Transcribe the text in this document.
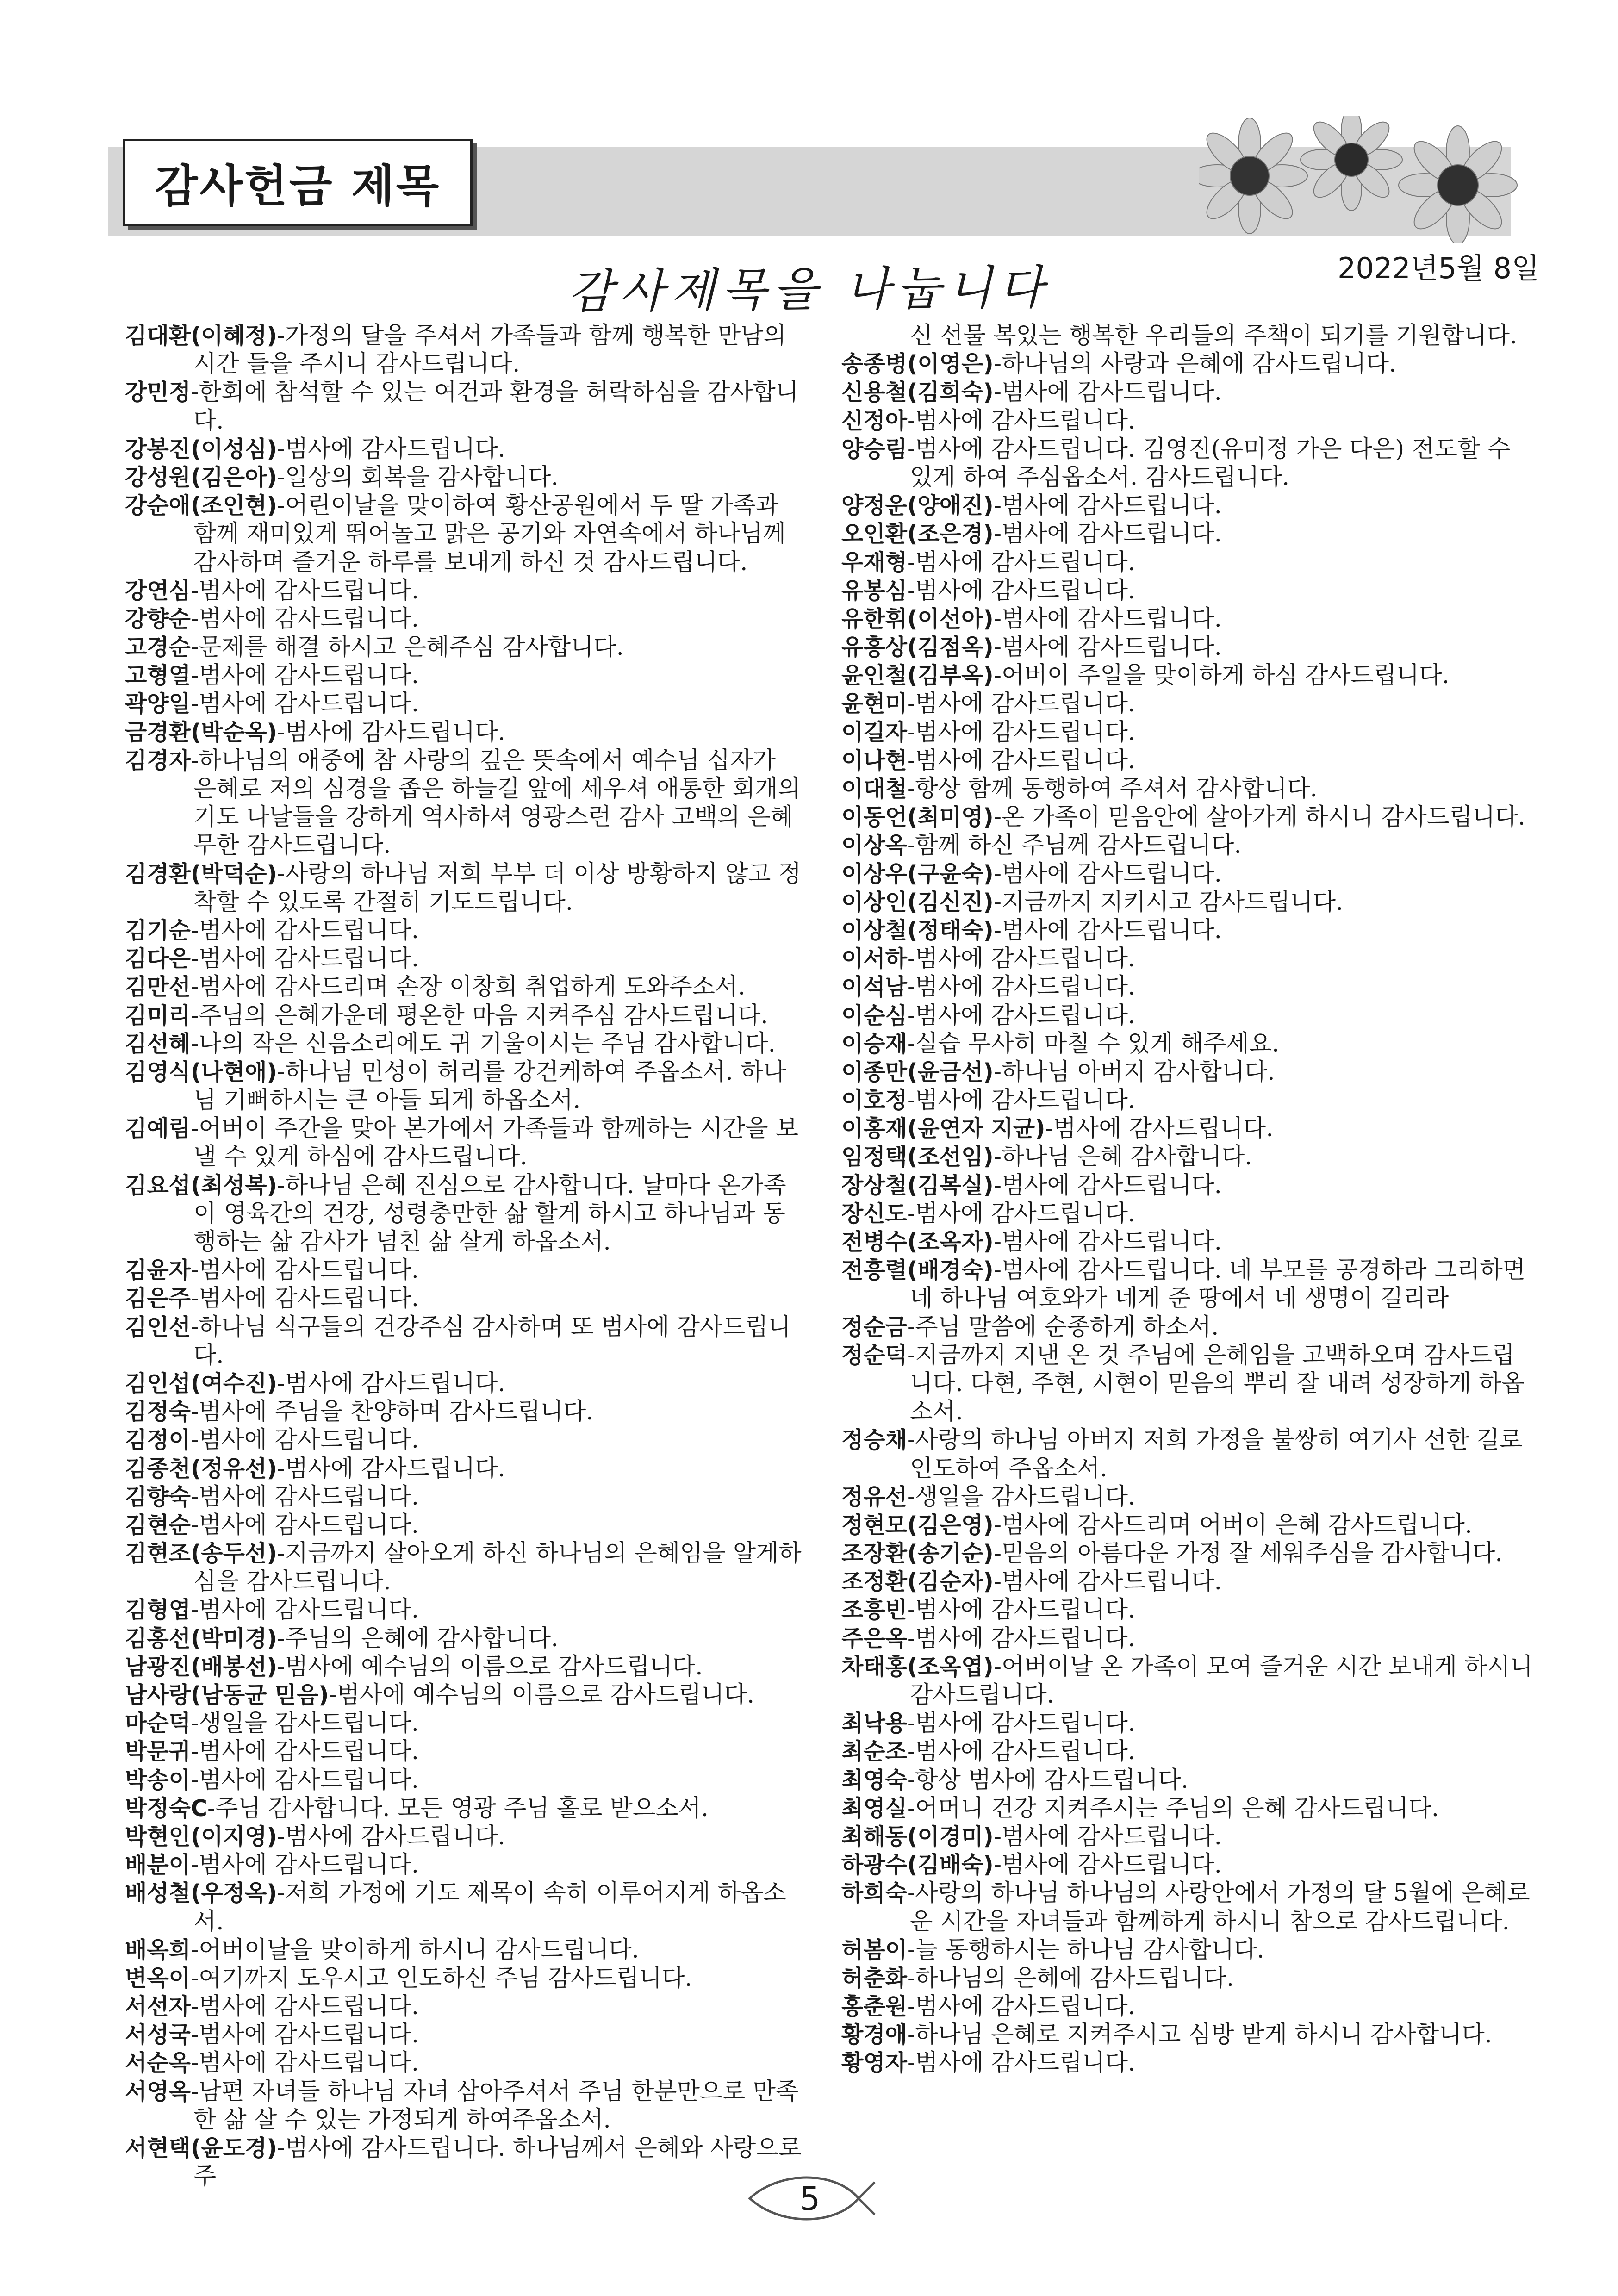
감사헌금 제목
2022년5월 8일
감사제목을 나눕니다

김대환(이혜정)-가정의 달을 주셔서 가족들과 함께 행복한 만남의 시간 들을 주시니 감사드립니다.

강민정-한회에 참석할 수 있는 여건과 환경을 허락하심을 감사합니다.

강봉진(이성심)-범사에 감사드립니다.

강성원(김은아)-일상의 회복을 감사합니다.

강순애(조인현)-어린이날을 맞이하여 황산공원에서 두 딸 가족과 함께 재미있게 뛰어놀고 맑은 공기와 자연속에서 하나님께 감사하며 즐거운 하루를 보내게 하신 것 감사드립니다.

강연심-범사에 감사드립니다.

강향순-범사에 감사드립니다.

고경순-문제를 해결 하시고 은혜주심 감사합니다.

고형열-범사에 감사드립니다.

곽양일-범사에 감사드립니다.

금경환(박순옥)-범사에 감사드립니다.

김경자-하나님의 애중에 참 사랑의 깊은 뜻속에서 예수님 십자가 은혜로 저의 심경을 좁은 하늘길 앞에 세우셔 애통한 회개의 기도 나날들을 강하게 역사하셔 영광스런 감사 고백의 은혜 무한 감사드립니다.

김경환(박덕순)-사랑의 하나님 저희 부부 더 이상 방황하지 않고 정착할 수 있도록 간절히 기도드립니다.

김기순-범사에 감사드립니다.

김다은-범사에 감사드립니다.

김만선-범사에 감사드리며 손장 이창희 취업하게 도와주소서.

김미리-주님의 은혜가운데 평온한 마음 지켜주심 감사드립니다.

김선혜-나의 작은 신음소리에도 귀 기울이시는 주님 감사합니다.

김영식(나현애)-하나님 민성이 허리를 강건케하여 주옵소서. 하나님 기뻐하시는 큰 아들 되게 하옵소서.

김예림-어버이 주간을 맞아 본가에서 가족들과 함께하는 시간을 보낼 수 있게 하심에 감사드립니다.

김요섭(최성복)-하나님 은혜 진심으로 감사합니다. 날마다 온가족이 영육간의 건강, 성령충만한 삶 할게 하시고 하나님과 동행하는 삶 감사가 넘친 삶 살게 하옵소서.

김윤자-범사에 감사드립니다.

김은주-범사에 감사드립니다.

김인선-하나님 식구들의 건강주심 감사하며 또 범사에 감사드립니다.

김인섭(여수진)-범사에 감사드립니다.

김정숙-범사에 주님을 찬양하며 감사드립니다.

김정이-범사에 감사드립니다.

김종천(정유선)-범사에 감사드립니다.

김향숙-범사에 감사드립니다.

김현순-범사에 감사드립니다.

김현조(송두선)-지금까지 살아오게 하신 하나님의 은혜임을 알게하심을 감사드립니다.

김형엽-범사에 감사드립니다.

김홍선(박미경)-주님의 은혜에 감사합니다.

남광진(배봉선)-범사에 예수님의 이름으로 감사드립니다.

남사랑(남동균 믿음)-범사에 예수님의 이름으로 감사드립니다.

마순덕-생일을 감사드립니다.

박문귀-범사에 감사드립니다.

박송이-범사에 감사드립니다.

박정숙C-주님 감사합니다. 모든 영광 주님 홀로 받으소서.

박현인(이지영)-범사에 감사드립니다.

배분이-범사에 감사드립니다.

배성철(우정옥)-저희 가정에 기도 제목이 속히 이루어지게 하옵소서.

배옥희-어버이날을 맞이하게 하시니 감사드립니다.

변옥이-여기까지 도우시고 인도하신 주님 감사드립니다.

서선자-범사에 감사드립니다.

서성국-범사에 감사드립니다.

서순옥-범사에 감사드립니다.

서영옥-남편 자녀들 하나님 자녀 삼아주셔서 주님 한분만으로 만족한 삶 살 수 있는 가정되게 하여주옵소서.

서현택(윤도경)-범사에 감사드립니다. 하나님께서 은혜와 사랑으로 주

신 선물 복있는 행복한 우리들의 주책이 되기를 기원합니다.

송종병(이영은)-하나님의 사랑과 은혜에 감사드립니다.

신용철(김희숙)-범사에 감사드립니다.

신정아-범사에 감사드립니다.

양승림-범사에 감사드립니다. 김영진(유미정 가은 다은) 전도할 수 있게 하여 주심옵소서. 감사드립니다.

양정운(양애진)-범사에 감사드립니다.

오인환(조은경)-범사에 감사드립니다.

우재형-범사에 감사드립니다.

유봉심-범사에 감사드립니다.

유한휘(이선아)-범사에 감사드립니다.

유흥상(김점옥)-범사에 감사드립니다.

윤인철(김부옥)-어버이 주일을 맞이하게 하심 감사드립니다.

윤현미-범사에 감사드립니다.

이길자-범사에 감사드립니다.

이나현-범사에 감사드립니다.

이대철-항상 함께 동행하여 주셔서 감사합니다.

이동언(최미영)-온 가족이 믿음안에 살아가게 하시니 감사드립니다.

이상옥-함께 하신 주님께 감사드립니다.

이상우(구윤숙)-범사에 감사드립니다.

이상인(김신진)-지금까지 지키시고 감사드립니다.

이상철(정태숙)-범사에 감사드립니다.

이서하-범사에 감사드립니다.

이석남-범사에 감사드립니다.

이순심-범사에 감사드립니다.

이승재-실습 무사히 마칠 수 있게 해주세요.

이종만(윤금선)-하나님 아버지 감사합니다.

이호정-범사에 감사드립니다.

이홍재(윤연자 지균)-범사에 감사드립니다.

임정택(조선임)-하나님 은혜 감사합니다.

장상철(김복실)-범사에 감사드립니다.

장신도-범사에 감사드립니다.

전병수(조옥자)-범사에 감사드립니다.

전흥렬(배경숙)-범사에 감사드립니다. 네 부모를 공경하라 그리하면 네 하나님 여호와가 네게 준 땅에서 네 생명이 길리라

정순금-주님 말씀에 순종하게 하소서.

정순덕-지금까지 지낸 온 것 주님에 은혜임을 고백하오며 감사드립니다. 다현, 주현, 시현이 믿음의 뿌리 잘 내려 성장하게 하옵소서.

정승채-사랑의 하나님 아버지 저희 가정을 불쌍히 여기사 선한 길로 인도하여 주옵소서.

정유선-생일을 감사드립니다.

정현모(김은영)-범사에 감사드리며 어버이 은혜 감사드립니다.

조장환(송기순)-믿음의 아름다운 가정 잘 세워주심을 감사합니다.

조정환(김순자)-범사에 감사드립니다.

조흥빈-범사에 감사드립니다.

주은옥-범사에 감사드립니다.

차태홍(조옥엽)-어버이날 온 가족이 모여 즐거운 시간 보내게 하시니 감사드립니다.

최낙용-범사에 감사드립니다.

최순조-범사에 감사드립니다.

최영숙-항상 범사에 감사드립니다.

최영실-어머니 건강 지켜주시는 주님의 은혜 감사드립니다.

최해동(이경미)-범사에 감사드립니다.

하광수(김배숙)-범사에 감사드립니다.

하희숙-사랑의 하나님 하나님의 사랑안에서 가정의 달 5월에 은혜로운 시간을 자녀들과 함께하게 하시니 참으로 감사드립니다.

허봄이-늘 동행하시는 하나님 감사합니다.

허춘화-하나님의 은혜에 감사드립니다.

홍춘원-범사에 감사드립니다.

황경애-하나님 은혜로 지켜주시고 심방 받게 하시니 감사합니다.

황영자-범사에 감사드립니다.

5
